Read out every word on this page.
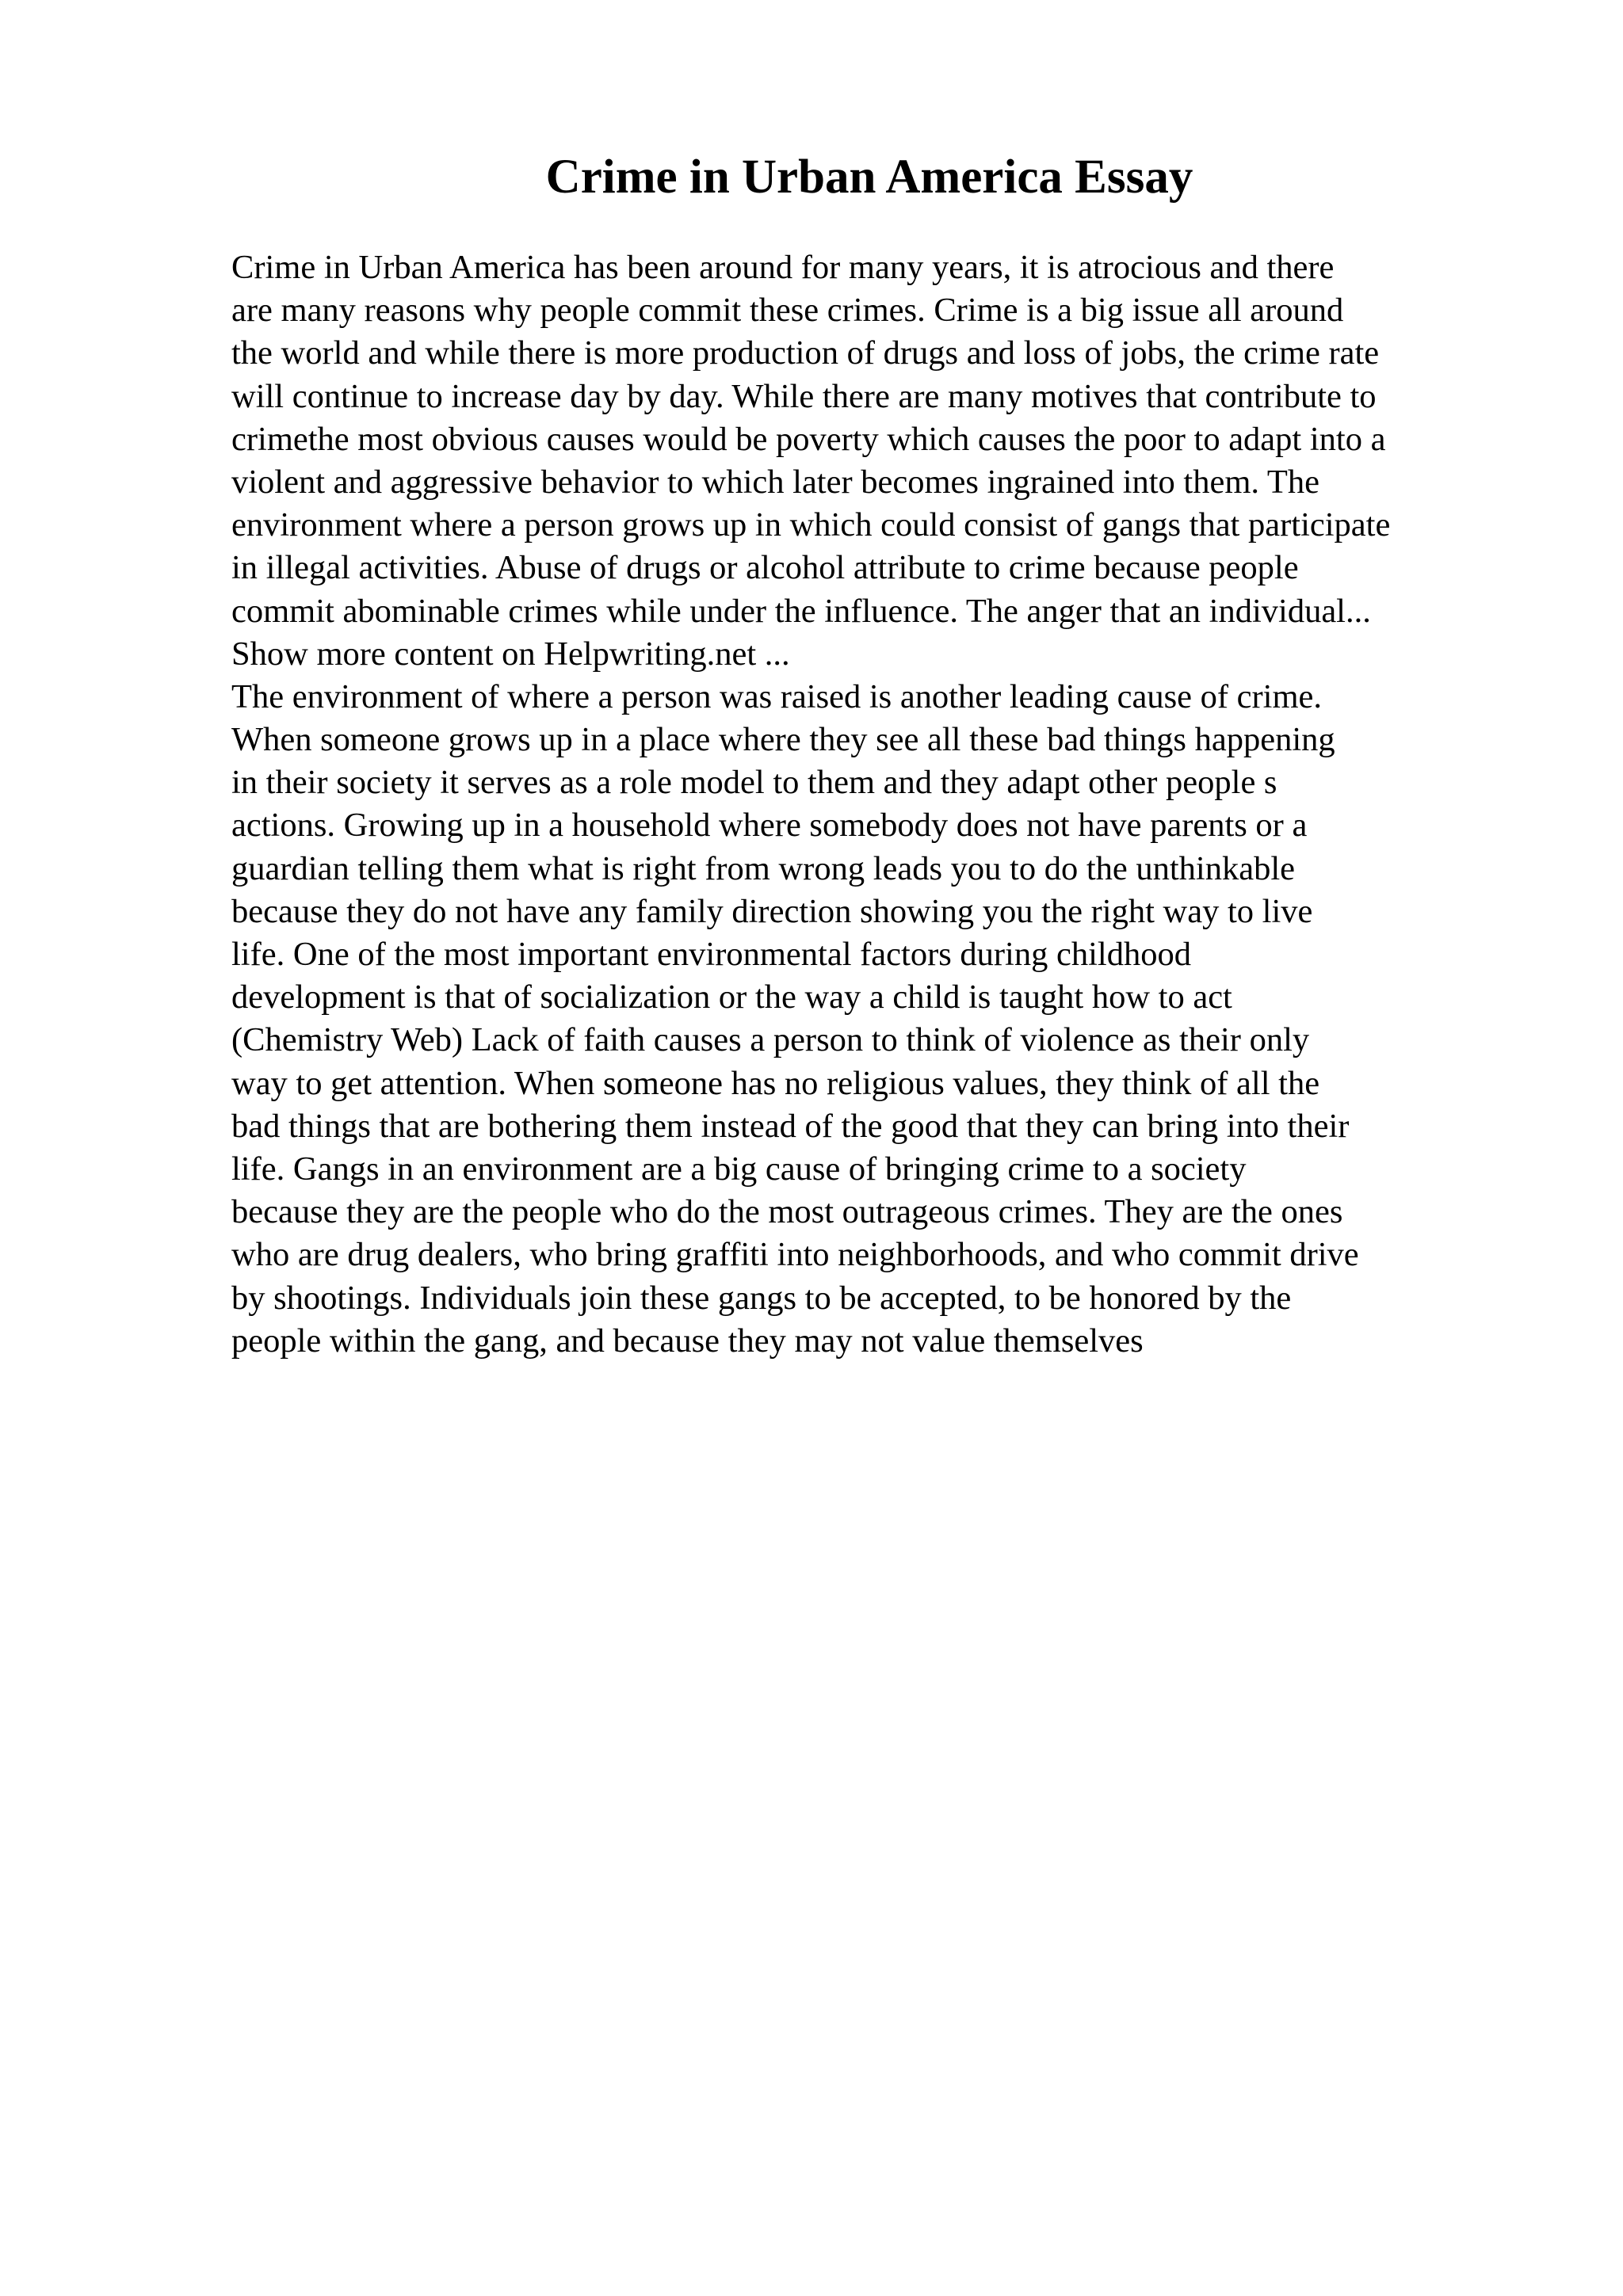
Crime in Urban America Essay
Crime in Urban America has been around for many years, it is atrocious and there
are many reasons why people commit these crimes. Crime is a big issue all around
the world and while there is more production of drugs and loss of jobs, the crime rate
will continue to increase day by day. While there are many motives that contribute to
crimethe most obvious causes would be poverty which causes the poor to adapt into a
violent and aggressive behavior to which later becomes ingrained into them. The
environment where a person grows up in which could consist of gangs that participate
in illegal activities. Abuse of drugs or alcohol attribute to crime because people
commit abominable crimes while under the influence. The anger that an individual...
Show more content on Helpwriting.net ...
The environment of where a person was raised is another leading cause of crime.
When someone grows up in a place where they see all these bad things happening
in their society it serves as a role model to them and they adapt other people s
actions. Growing up in a household where somebody does not have parents or a
guardian telling them what is right from wrong leads you to do the unthinkable
because they do not have any family direction showing you the right way to live
life. One of the most important environmental factors during childhood
development is that of socialization or the way a child is taught how to act
(Chemistry Web) Lack of faith causes a person to think of violence as their only
way to get attention. When someone has no religious values, they think of all the
bad things that are bothering them instead of the good that they can bring into their
life. Gangs in an environment are a big cause of bringing crime to a society
because they are the people who do the most outrageous crimes. They are the ones
who are drug dealers, who bring graffiti into neighborhoods, and who commit drive
by shootings. Individuals join these gangs to be accepted, to be honored by the
people within the gang, and because they may not value themselves
